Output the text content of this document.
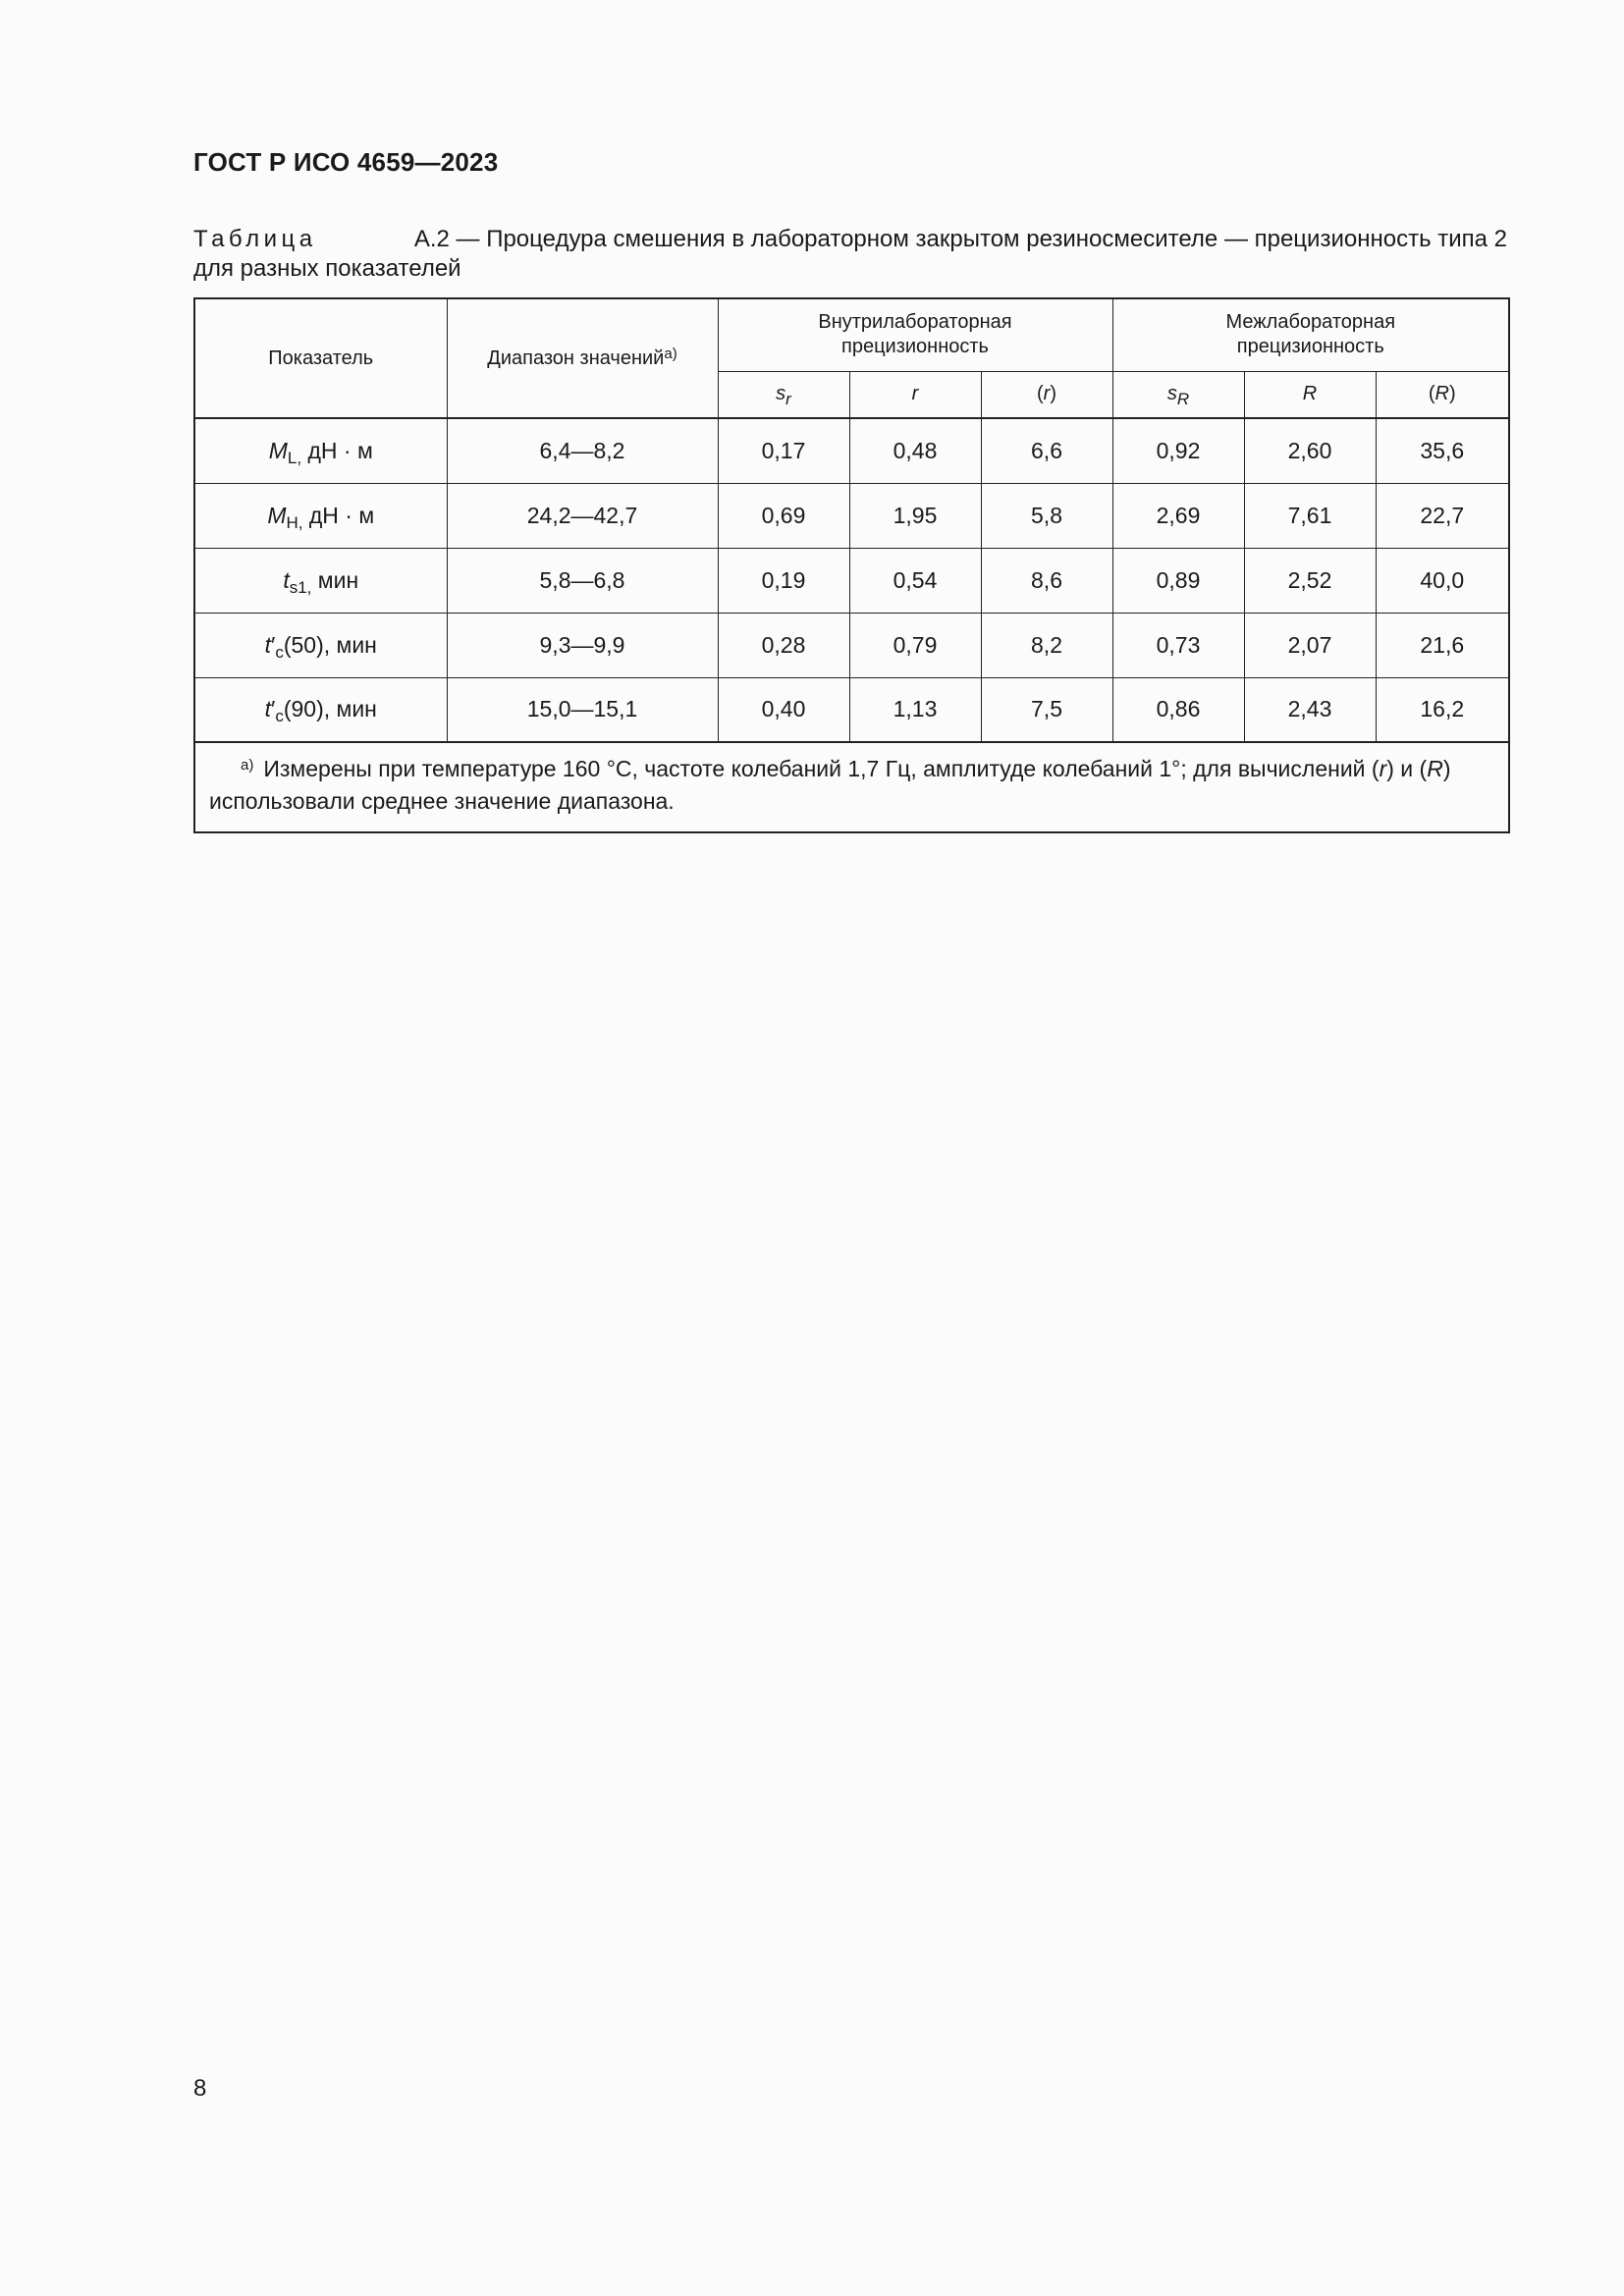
ГОСТ Р ИСО 4659—2023
Таблица	А.2 — Процедура смешения в лабораторном закрытом резиносмесителе — прецизионность типа 2
для разных показателей
Показатель	Диапазон значений$^{a)}$	Внутрилабораторная прецизионность			Межлабораторная прецизионность		
		$s_r$	r	(r)	$s_R$	R	(R)
$M_{L,}$ дН · м	6,4—8,2	0,17	0,48	6,6	0,92	2,60	35,6
$M_{H,}$ дН · м	24,2—42,7	0,69	1,95	5,8	2,69	7,61	22,7
$t_{s1,}$ мин	5,8—6,8	0,19	0,54	8,6	0,89	2,52	40,0
$t'_c(50)$, мин	9,3—9,9	0,28	0,79	8,2	0,73	2,07	21,6
$t'_c(90)$, мин	15,0—15,1	0,40	1,13	7,5	0,86	2,43	16,2
$^{a)}$ Измерены при температуре 160 °C, частоте колебаний 1,7 Гц, амплитуде колебаний 1°; для вычислений (r) и (R) использовали среднее значение диапазона.							
8
